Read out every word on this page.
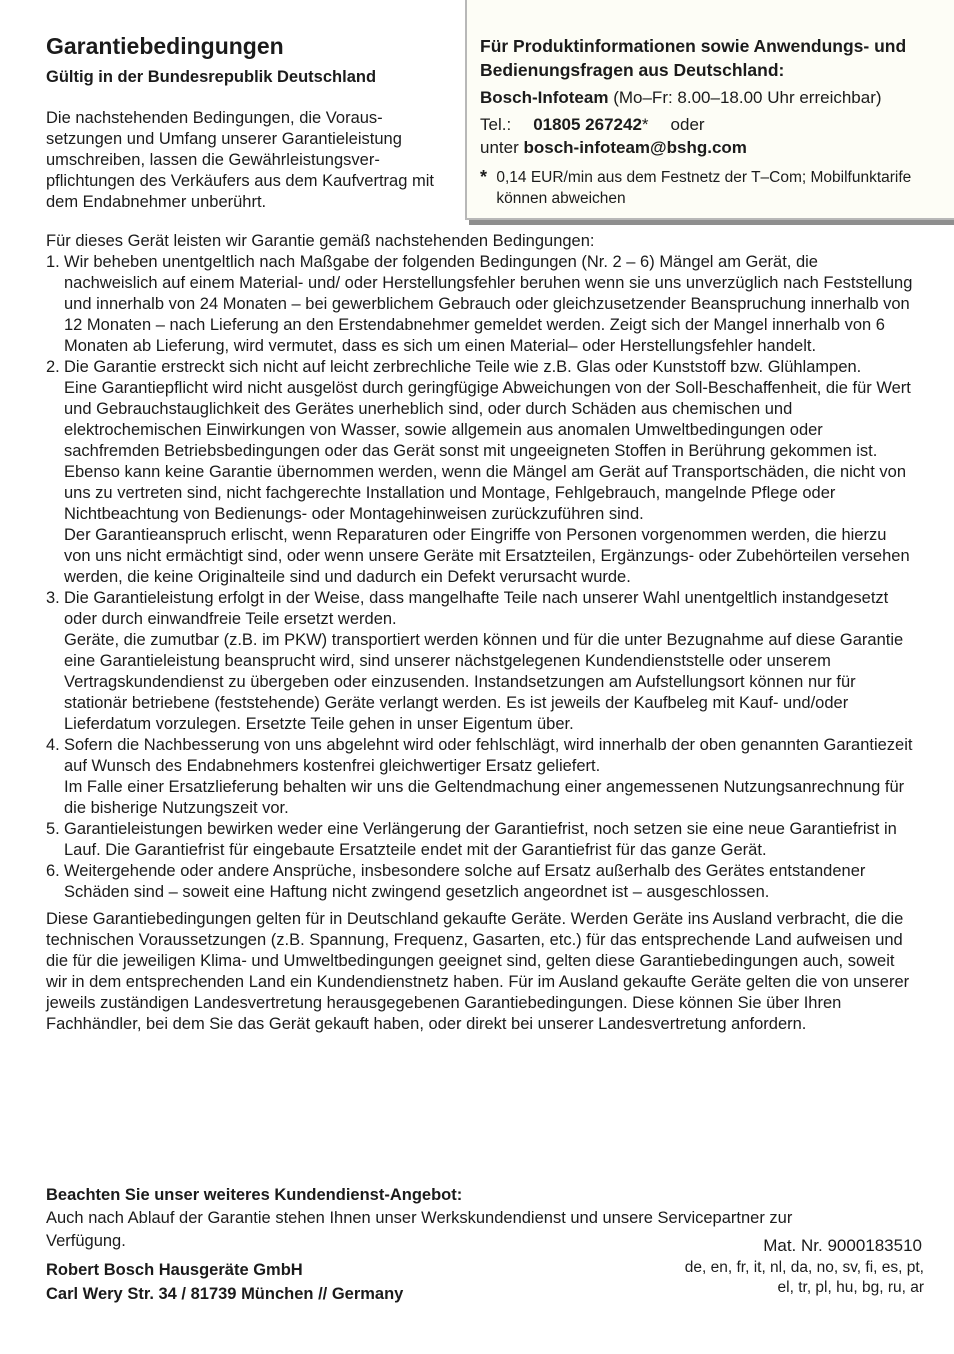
Garantiebedingungen

Gültig in der Bundesrepublik Deutschland

Die nachstehenden Bedingungen, die Voraus-setzungen und Umfang unserer Garantieleistung umschreiben, lassen die Gewährleistungsver-pflichtungen des Verkäufers aus dem Kaufvertrag mit dem Endabnehmer unberührt.

Für Produktinformationen sowie Anwendungs- und Bedienungsfragen aus Deutschland:

Bosch-Infoteam (Mo–Fr: 8.00–18.00 Uhr erreichbar)

Tel.: 01805 267242* oder

unter bosch-infoteam@bshg.com

* 0,14 EUR/min aus dem Festnetz der T–Com; Mobilfunktarife können abweichen

Für dieses Gerät leisten wir Garantie gemäß nachstehenden Bedingungen:

1. Wir beheben unentgeltlich nach Maßgabe der folgenden Bedingungen (Nr. 2 – 6) Mängel am Gerät, die nachweislich auf einem Material- und/ oder Herstellungsfehler beruhen wenn sie uns unverzüglich nach Feststellung und innerhalb von 24 Monaten – bei gewerblichem Gebrauch oder gleichzusetzender Beanspruchung innerhalb von 12 Monaten – nach Lieferung an den Erstendabnehmer gemeldet werden. Zeigt sich der Mangel innerhalb von 6 Monaten ab Lieferung, wird vermutet, dass es sich um einen Material– oder Herstellungsfehler handelt.
2. Die Garantie erstreckt sich nicht auf leicht zerbrechliche Teile wie z.B. Glas oder Kunststoff bzw. Glühlampen.

Eine Garantiepflicht wird nicht ausgelöst durch geringfügige Abweichungen von der Soll-Beschaffenheit, die für Wert und Gebrauchstauglichkeit des Gerätes unerheblich sind, oder durch Schäden aus chemischen und elektrochemischen Einwirkungen von Wasser, sowie allgemein aus anomalen Umweltbedingungen oder sachfremden Betriebsbedingungen oder das Gerät sonst mit ungeeigneten Stoffen in Berührung gekommen ist. Ebenso kann keine Garantie übernommen werden, wenn die Mängel am Gerät auf Transportschäden, die nicht von uns zu vertreten sind, nicht fachgerechte Installation und Montage, Fehlgebrauch, mangelnde Pflege oder Nichtbeachtung von Bedienungs- oder Montagehinweisen zurückzuführen sind.

Der Garantieanspruch erlischt, wenn Reparaturen oder Eingriffe von Personen vorgenommen werden, die hierzu von uns nicht ermächtigt sind, oder wenn unsere Geräte mit Ersatzteilen, Ergänzungs- oder Zubehörteilen versehen werden, die keine Originalteile sind und dadurch ein Defekt verursacht wurde.

3. Die Garantieleistung erfolgt in der Weise, dass mangelhafte Teile nach unserer Wahl unentgeltlich instandgesetzt oder durch einwandfreie Teile ersetzt werden.

Geräte, die zumutbar (z.B. im PKW) transportiert werden können und für die unter Bezugnahme auf diese Garantie eine Garantieleistung beansprucht wird, sind unserer nächstgelegenen Kundendienststelle oder unserem Vertragskundendienst zu übergeben oder einzusenden. Instandsetzungen am Aufstellungsort können nur für stationär betriebene (feststehende) Geräte verlangt werden. Es ist jeweils der Kaufbeleg mit Kauf- und/oder Lieferdatum vorzulegen. Ersetzte Teile gehen in unser Eigentum über.

4. Sofern die Nachbesserung von uns abgelehnt wird oder fehlschlägt, wird innerhalb der oben genannten Garantiezeit auf Wunsch des Endabnehmers kostenfrei gleichwertiger Ersatz geliefert.

Im Falle einer Ersatzlieferung behalten wir uns die Geltendmachung einer angemessenen Nutzungsanrechnung für die bisherige Nutzungszeit vor.

5. Garantieleistungen bewirken weder eine Verlängerung der Garantiefrist, noch setzen sie eine neue Garantiefrist in Lauf. Die Garantiefrist für eingebaute Ersatzteile endet mit der Garantiefrist für das ganze Gerät.
6. Weitergehende oder andere Ansprüche, insbesondere solche auf Ersatz außerhalb des Gerätes entstandener Schäden sind – soweit eine Haftung nicht zwingend gesetzlich angeordnet ist – ausgeschlossen.

Diese Garantiebedingungen gelten für in Deutschland gekaufte Geräte. Werden Geräte ins Ausland verbracht, die die technischen Voraussetzungen (z.B. Spannung, Frequenz, Gasarten, etc.) für das entsprechende Land aufweisen und die für die jeweiligen Klima- und Umweltbedingungen geeignet sind, gelten diese Garantiebedingungen auch, soweit wir in dem entsprechenden Land ein Kundendienstnetz haben. Für im Ausland gekaufte Geräte gelten die von unserer jeweils zuständigen Landesvertretung herausgegebenen Garantiebedingungen. Diese können Sie über Ihren Fachhändler, bei dem Sie das Gerät gekauft haben, oder direkt bei unserer Landesvertretung anfordern.

Beachten Sie unser weiteres Kundendienst-Angebot:

Auch nach Ablauf der Garantie stehen Ihnen unser Werkskundendienst und unsere Servicepartner zur Verfügung.

Robert Bosch Hausgeräte GmbH
Carl Wery Str. 34 / 81739 München // Germany

Mat. Nr. 9000183510

de, en, fr, it, nl, da, no, sv, fi, es, pt, el, tr, pl, hu, bg, ru, ar
